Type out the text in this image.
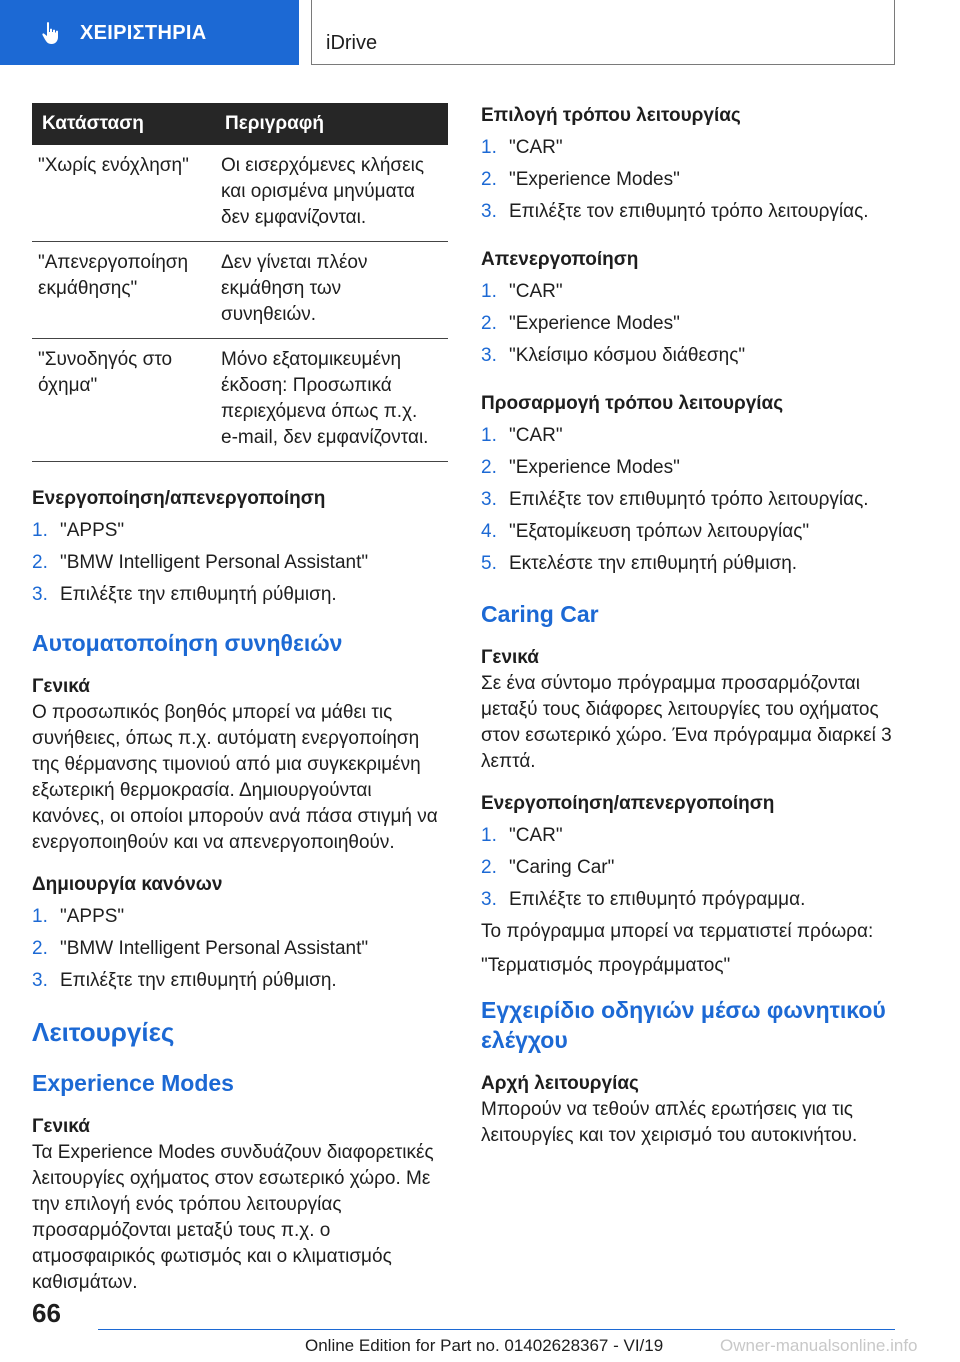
ΧΕΙΡΙΣΤΗΡΙΑ	iDrive
Κατάσταση	Περιγραφή
"Χωρίς ενόχληση"	Οι εισερχόμενες κλήσεις και ορισμένα μηνύματα δεν εμφανίζονται.
"Απενεργοποίηση εκμάθησης"	Δεν γίνεται πλέον εκμάθηση των συνηθειών.
"Συνοδηγός στο όχημα"	Μόνο εξατομικευμένη έκδοση: Προσωπικά περιεχόμενα όπως π.χ. e-mail, δεν εμφανίζονται.

Ενεργοποίηση/απενεργοποίηση

1. "APPS"
2. "BMW Intelligent Personal Assistant"
3. Επιλέξτε την επιθυμητή ρύθμιση.

Αυτοματοποίηση συνηθειών

Γενικά

Ο προσωπικός βοηθός μπορεί να μάθει τις συνήθειες, όπως π.χ. αυτόματη ενεργοποίηση της θέρμανσης τιμονιού από μια συγκεκριμένη εξωτερική θερμοκρασία. Δημιουργούνται κανόνες, οι οποίοι μπορούν ανά πάσα στιγμή να ενεργοποιηθούν και να απενεργοποιηθούν.

Δημιουργία κανόνων

1. "APPS"
2. "BMW Intelligent Personal Assistant"
3. Επιλέξτε την επιθυμητή ρύθμιση.

Λειτουργίες

Experience Modes

Γενικά

Τα Experience Modes συνδυάζουν διαφορετικές λειτουργίες οχήματος στον εσωτερικό χώρο. Με την επιλογή ενός τρόπου λειτουργίας προσαρμόζονται μεταξύ τους π.χ. ο ατμοσφαιρικός φωτισμός και ο κλιματισμός καθισμάτων.

Επιλογή τρόπου λειτουργίας

1. "CAR"
2. "Experience Modes"
3. Επιλέξτε τον επιθυμητό τρόπο λειτουργίας.

Απενεργοποίηση

1. "CAR"
2. "Experience Modes"
3. "Κλείσιμο κόσμου διάθεσης"

Προσαρμογή τρόπου λειτουργίας

1. "CAR"
2. "Experience Modes"
3. Επιλέξτε τον επιθυμητό τρόπο λειτουργίας.
4. "Εξατομίκευση τρόπων λειτουργίας"
5. Εκτελέστε την επιθυμητή ρύθμιση.

Caring Car

Γενικά

Σε ένα σύντομο πρόγραμμα προσαρμόζονται μεταξύ τους διάφορες λειτουργίες του οχήματος στον εσωτερικό χώρο. Ένα πρόγραμμα διαρκεί 3 λεπτά.

Ενεργοποίηση/απενεργοποίηση

1. "CAR"
2. "Caring Car"
3. Επιλέξτε το επιθυμητό πρόγραμμα.

Το πρόγραμμα μπορεί να τερματιστεί πρόωρα:

"Τερματισμός προγράμματος"

Εγχειρίδιο οδηγιών μέσω φωνητικού ελέγχου

Αρχή λειτουργίας

Μπορούν να τεθούν απλές ερωτήσεις για τις λειτουργίες και τον χειρισμό του αυτοκινήτου.

66
Online Edition for Part no. 01402628367 - VI/19	Owner-manualsonline.info
